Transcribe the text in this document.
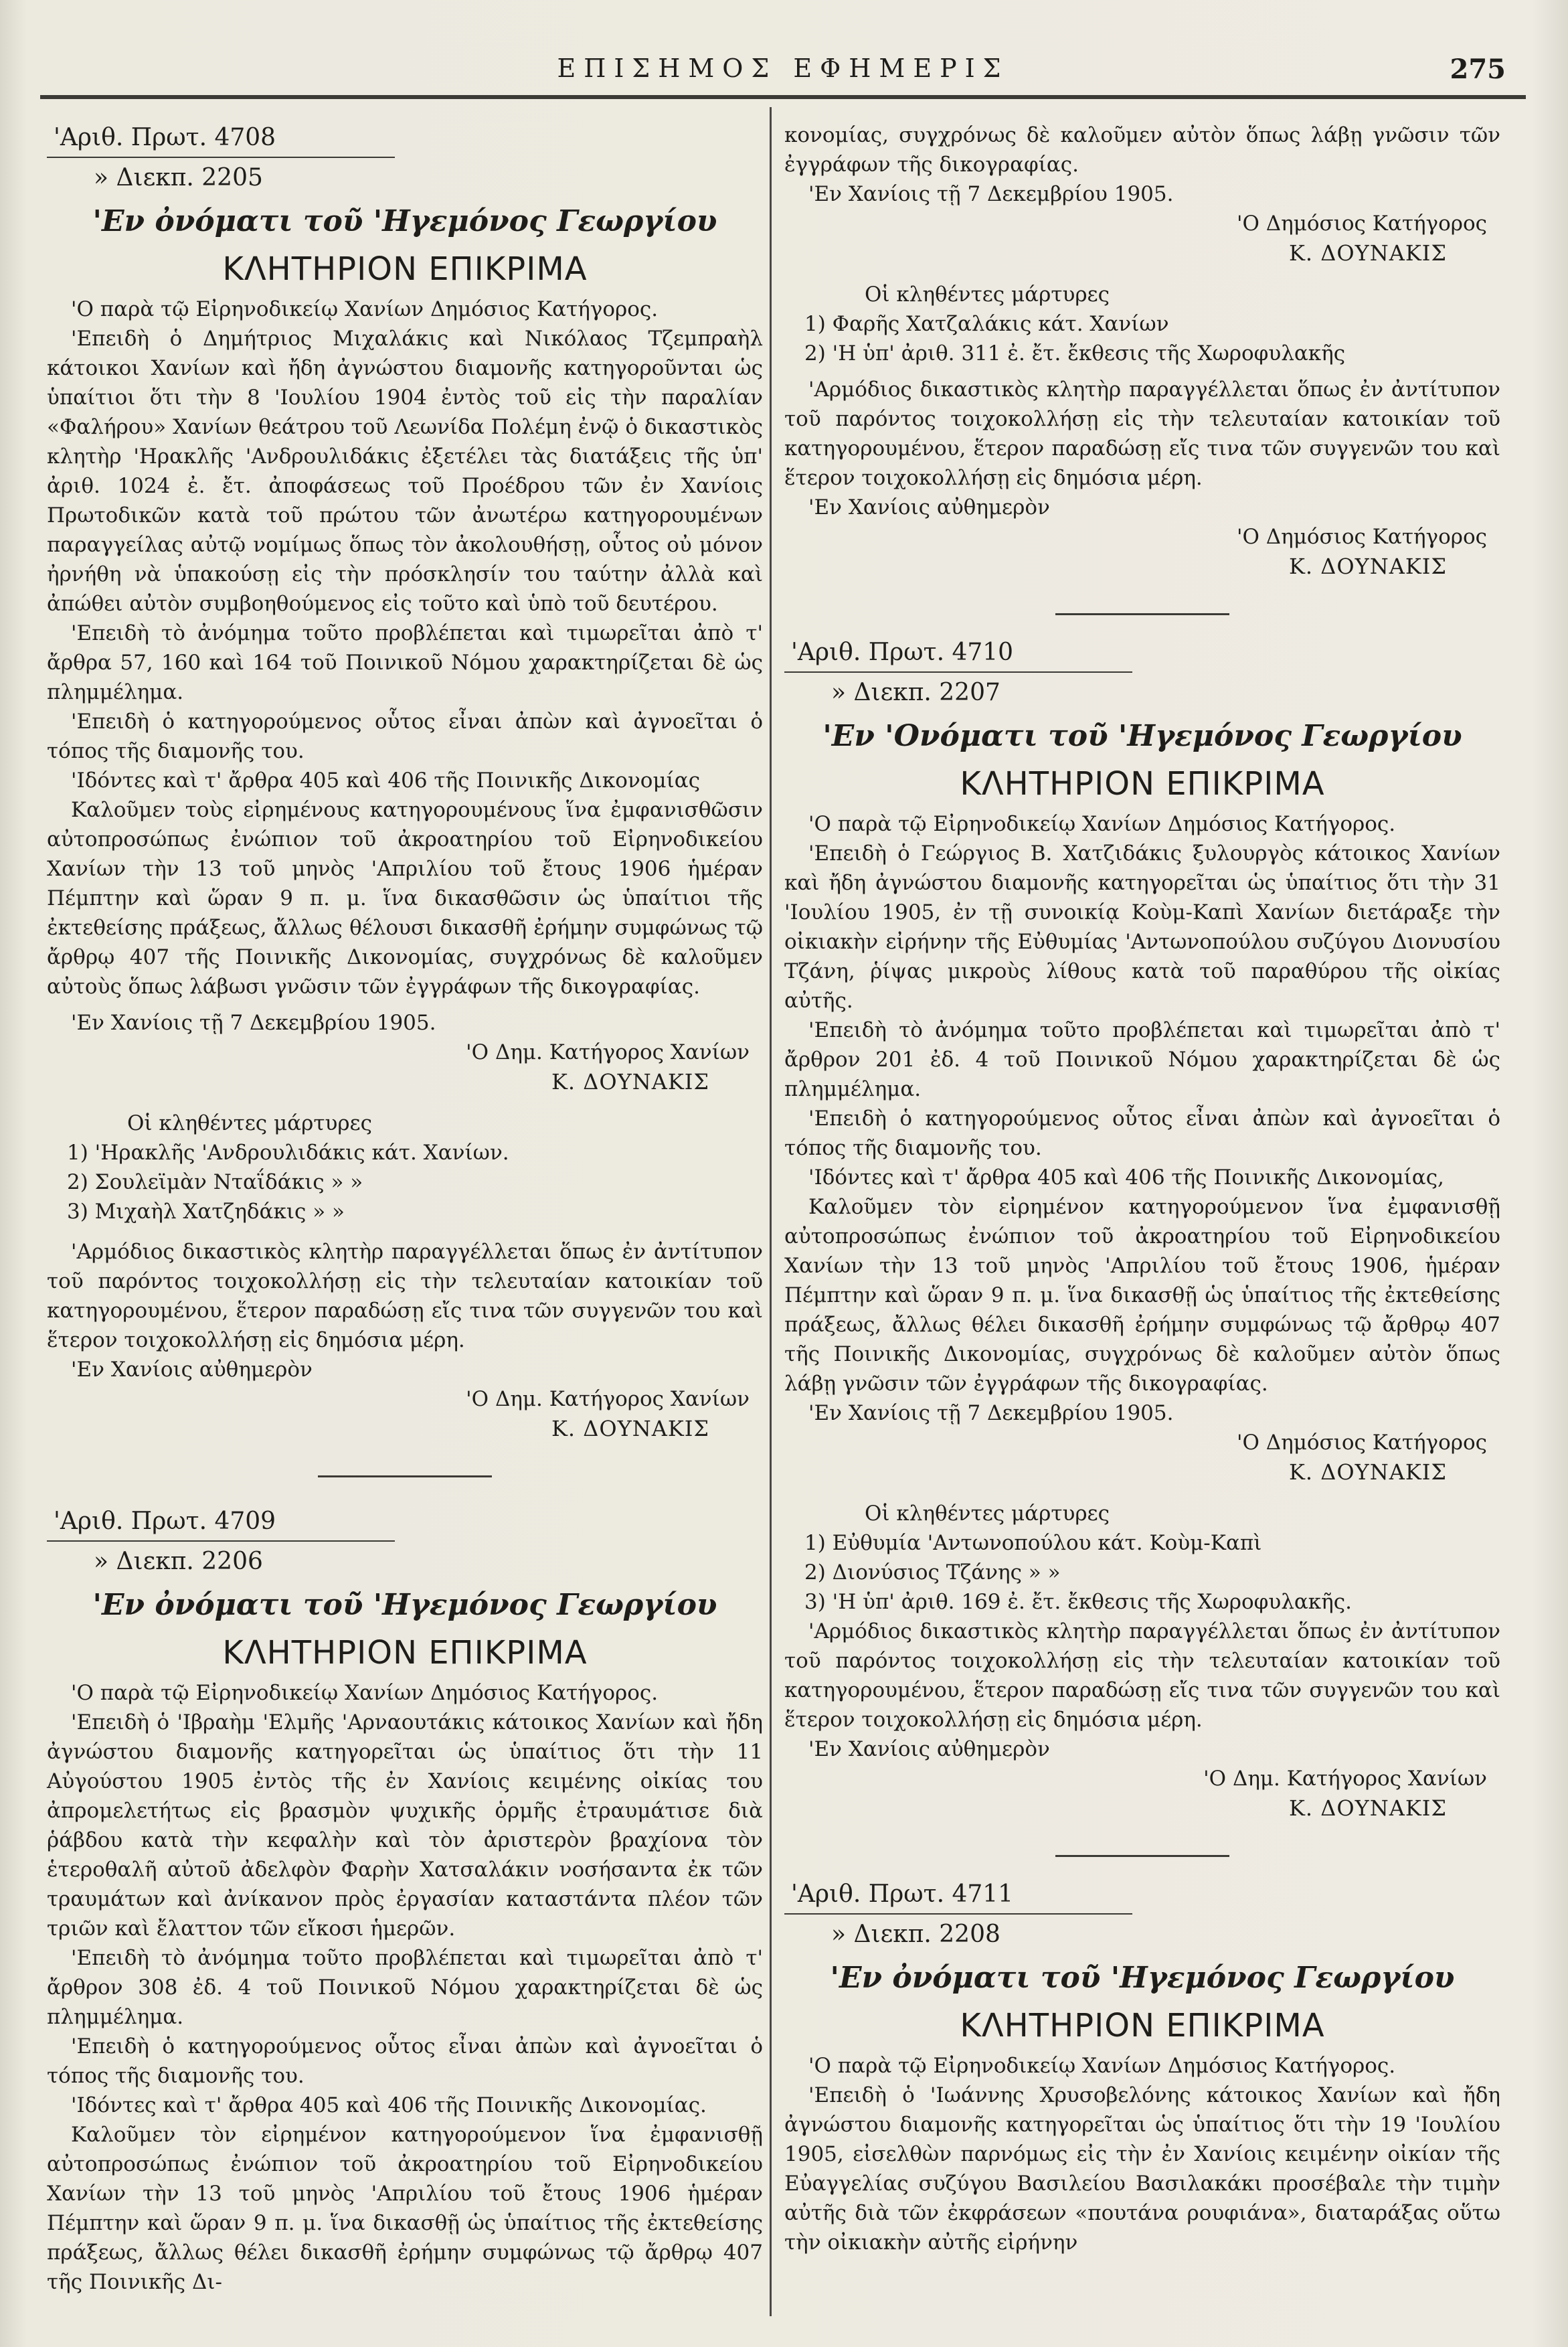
ΕΠΙΣΗΜΟΣ ΕΦΗΜΕΡΙΣ	275
'Αριθ. Πρωτ. 4708
» Διεκπ. 2205
'Εν ὀνόματι τοῦ 'Ηγεμόνος Γεωργίου
ΚΛΗΤΗΡΙΟΝ ΕΠΙΚΡΙΜΑ

'Ο παρὰ τῷ Εἰρηνοδικείῳ Χανίων Δημόσιος Κατήγορος.

'Επειδὴ ὁ Δημήτριος Μιχαλάκις καὶ Νικόλαος Τζεμπραὴλ κάτοικοι Χανίων καὶ ἤδη ἀγνώστου διαμονῆς κατηγοροῦνται ὡς ὑπαίτιοι ὅτι τὴν 8 'Ιουλίου 1904 ἐντὸς τοῦ εἰς τὴν παραλίαν «Φαλήρου» Χανίων θεάτρου τοῦ Λεωνίδα Πολέμη ἐνῷ ὁ δικαστικὸς κλητὴρ 'Ηρακλῆς 'Ανδρουλιδάκις ἐξετέλει τὰς διατάξεις τῆς ὑπ' ἀριθ. 1024 ἐ. ἔτ. ἀποφάσεως τοῦ Προέδρου τῶν ἐν Χανίοις Πρωτοδικῶν κατὰ τοῦ πρώτου τῶν ἀνωτέρω κατηγορουμένων παραγγείλας αὐτῷ νομίμως ὅπως τὸν ἀκολουθήσῃ, οὗτος οὐ μόνον ἠρνήθη νὰ ὑπακούσῃ εἰς τὴν πρόσκλησίν του ταύτην ἀλλὰ καὶ ἀπώθει αὐτὸν συμβοηθούμενος εἰς τοῦτο καὶ ὑπὸ τοῦ δευτέρου.

'Επειδὴ τὸ ἀνόμημα τοῦτο προβλέπεται καὶ τιμωρεῖται ἀπὸ τ' ἄρθρα 57, 160 καὶ 164 τοῦ Ποινικοῦ Νόμου χαρακτηρίζεται δὲ ὡς πλημμέλημα.

'Επειδὴ ὁ κατηγορούμενος οὗτος εἶναι ἀπὼν καὶ ἀγνοεῖται ὁ τόπος τῆς διαμονῆς του.

'Ιδόντες καὶ τ' ἄρθρα 405 καὶ 406 τῆς Ποινικῆς Δικονομίας

Καλοῦμεν τοὺς εἰρημένους κατηγορουμένους ἵνα ἐμφανισθῶσιν αὐτοπροσώπως ἐνώπιον τοῦ ἀκροατηρίου τοῦ Εἰρηνοδικείου Χανίων τὴν 13 τοῦ μηνὸς 'Απριλίου τοῦ ἔτους 1906 ἡμέραν Πέμπτην καὶ ὥραν 9 π. μ. ἵνα δικασθῶσιν ὡς ὑπαίτιοι τῆς ἐκτεθείσης πράξεως, ἄλλως θέλουσι δικασθῆ ἐρήμην συμφώνως τῷ ἄρθρῳ 407 τῆς Ποινικῆς Δικονομίας, συγχρόνως δὲ καλοῦμεν αὐτοὺς ὅπως λάβωσι γνῶσιν τῶν ἐγγράφων τῆς δικογραφίας.

'Εν Χανίοις τῇ 7 Δεκεμβρίου 1905.

'Ο Δημ. Κατήγορος Χανίων
Κ. ΔΟΥΝΑΚΙΣ
Οἱ κληθέντες μάρτυρες
1) 'Ηρακλῆς 'Ανδρουλιδάκις κάτ. Χανίων.
2) Σουλεϊμὰν Νταΐδάκις » »
3) Μιχαὴλ Χατζηδάκις » »

'Αρμόδιος δικαστικὸς κλητὴρ παραγγέλλεται ὅπως ἐν ἀντίτυπον τοῦ παρόντος τοιχοκολλήσῃ εἰς τὴν τελευταίαν κατοικίαν τοῦ κατηγορουμένου, ἕτερον παραδώσῃ εἴς τινα τῶν συγγενῶν του καὶ ἕτερον τοιχοκολλήσῃ εἰς δημόσια μέρη.

'Εν Χανίοις αὐθημερὸν

'Ο Δημ. Κατήγορος Χανίων
Κ. ΔΟΥΝΑΚΙΣ
'Αριθ. Πρωτ. 4709
» Διεκπ. 2206
'Εν ὀνόματι τοῦ 'Ηγεμόνος Γεωργίου
ΚΛΗΤΗΡΙΟΝ ΕΠΙΚΡΙΜΑ

'Ο παρὰ τῷ Εἰρηνοδικείῳ Χανίων Δημόσιος Κατήγορος.

'Επειδὴ ὁ 'Ιβραὴμ 'Ελμῆς 'Αρναουτάκις κάτοικος Χανίων καὶ ἤδη ἀγνώστου διαμονῆς κατηγορεῖται ὡς ὑπαίτιος ὅτι τὴν 11 Αὐγούστου 1905 ἐντὸς τῆς ἐν Χανίοις κειμένης οἰκίας του ἀπρομελετήτως εἰς βρασμὸν ψυχικῆς ὁρμῆς ἐτραυμάτισε διὰ ῥάβδου κατὰ τὴν κεφαλὴν καὶ τὸν ἀριστερὸν βραχίονα τὸν ἑτεροθαλῆ αὐτοῦ ἀδελφὸν Φαρὴν Χατσαλάκιν νοσήσαντα ἐκ τῶν τραυμάτων καὶ ἀνίκανον πρὸς ἐργασίαν καταστάντα πλέον τῶν τριῶν καὶ ἔλαττον τῶν εἴκοσι ἡμερῶν.

'Επειδὴ τὸ ἀνόμημα τοῦτο προβλέπεται καὶ τιμωρεῖται ἀπὸ τ' ἄρθρον 308 ἐδ. 4 τοῦ Ποινικοῦ Νόμου χαρακτηρίζεται δὲ ὡς πλημμέλημα.

'Επειδὴ ὁ κατηγορούμενος οὗτος εἶναι ἀπὼν καὶ ἀγνοεῖται ὁ τόπος τῆς διαμονῆς του.

'Ιδόντες καὶ τ' ἄρθρα 405 καὶ 406 τῆς Ποινικῆς Δικονομίας.

Καλοῦμεν τὸν εἰρημένον κατηγορούμενον ἵνα ἐμφανισθῇ αὐτοπροσώπως ἐνώπιον τοῦ ἀκροατηρίου τοῦ Εἰρηνοδικείου Χανίων τὴν 13 τοῦ μηνὸς 'Απριλίου τοῦ ἔτους 1906 ἡμέραν Πέμπτην καὶ ὥραν 9 π. μ. ἵνα δικασθῇ ὡς ὑπαίτιος τῆς ἐκτεθείσης πράξεως, ἄλλως θέλει δικασθῆ ἐρήμην συμφώνως τῷ ἄρθρῳ 407 τῆς Ποινικῆς Δι-

κονομίας, συγχρόνως δὲ καλοῦμεν αὐτὸν ὅπως λάβῃ γνῶσιν τῶν ἐγγράφων τῆς δικογραφίας.

'Εν Χανίοις τῇ 7 Δεκεμβρίου 1905.

'Ο Δημόσιος Κατήγορος
Κ. ΔΟΥΝΑΚΙΣ
Οἱ κληθέντες μάρτυρες
1) Φαρῆς Χατζαλάκις κάτ. Χανίων
2) 'Η ὑπ' ἀριθ. 311 ἐ. ἔτ. ἔκθεσις τῆς Χωροφυλακῆς

'Αρμόδιος δικαστικὸς κλητὴρ παραγγέλλεται ὅπως ἐν ἀντίτυπον τοῦ παρόντος τοιχοκολλήσῃ εἰς τὴν τελευταίαν κατοικίαν τοῦ κατηγορουμένου, ἕτερον παραδώσῃ εἴς τινα τῶν συγγενῶν του καὶ ἕτερον τοιχοκολλήσῃ εἰς δημόσια μέρη.

'Εν Χανίοις αὐθημερὸν

'Ο Δημόσιος Κατήγορος
Κ. ΔΟΥΝΑΚΙΣ
'Αριθ. Πρωτ. 4710
» Διεκπ. 2207
'Εν 'Ονόματι τοῦ 'Ηγεμόνος Γεωργίου
ΚΛΗΤΗΡΙΟΝ ΕΠΙΚΡΙΜΑ

'Ο παρὰ τῷ Εἰρηνοδικείῳ Χανίων Δημόσιος Κατήγορος.

'Επειδὴ ὁ Γεώργιος Β. Χατζιδάκις ξυλουργὸς κάτοικος Χανίων καὶ ἤδη ἀγνώστου διαμονῆς κατηγορεῖται ὡς ὑπαίτιος ὅτι τὴν 31 'Ιουλίου 1905, ἐν τῇ συνοικίᾳ Κοὺμ-Καπὶ Χανίων διετάραξε τὴν οἰκιακὴν εἰρήνην τῆς Εὐθυμίας 'Αντωνοπούλου συζύγου Διονυσίου Τζάνη, ῥίψας μικροὺς λίθους κατὰ τοῦ παραθύρου τῆς οἰκίας αὐτῆς.

'Επειδὴ τὸ ἀνόμημα τοῦτο προβλέπεται καὶ τιμωρεῖται ἀπὸ τ' ἄρθρον 201 ἐδ. 4 τοῦ Ποινικοῦ Νόμου χαρακτηρίζεται δὲ ὡς πλημμέλημα.

'Επειδὴ ὁ κατηγορούμενος οὗτος εἶναι ἀπὼν καὶ ἀγνοεῖται ὁ τόπος τῆς διαμονῆς του.

'Ιδόντες καὶ τ' ἄρθρα 405 καὶ 406 τῆς Ποινικῆς Δικονομίας,

Καλοῦμεν τὸν εἰρημένον κατηγορούμενον ἵνα ἐμφανισθῇ αὐτοπροσώπως ἐνώπιον τοῦ ἀκροατηρίου τοῦ Εἰρηνοδικείου Χανίων τὴν 13 τοῦ μηνὸς 'Απριλίου τοῦ ἔτους 1906, ἡμέραν Πέμπτην καὶ ὥραν 9 π. μ. ἵνα δικασθῇ ὡς ὑπαίτιος τῆς ἐκτεθείσης πράξεως, ἄλλως θέλει δικασθῆ ἐρήμην συμφώνως τῷ ἄρθρῳ 407 τῆς Ποινικῆς Δικονομίας, συγχρόνως δὲ καλοῦμεν αὐτὸν ὅπως λάβῃ γνῶσιν τῶν ἐγγράφων τῆς δικογραφίας.

'Εν Χανίοις τῇ 7 Δεκεμβρίου 1905.

'Ο Δημόσιος Κατήγορος
Κ. ΔΟΥΝΑΚΙΣ
Οἱ κληθέντες μάρτυρες
1) Εὐθυμία 'Αντωνοπούλου κάτ. Κοὺμ-Καπὶ
2) Διονύσιος Τζάνης » »
3) 'Η ὑπ' ἀριθ. 169 ἐ. ἔτ. ἔκθεσις τῆς Χωροφυλακῆς.

'Αρμόδιος δικαστικὸς κλητὴρ παραγγέλλεται ὅπως ἐν ἀντίτυπον τοῦ παρόντος τοιχοκολλήσῃ εἰς τὴν τελευταίαν κατοικίαν τοῦ κατηγορουμένου, ἕτερον παραδώσῃ εἴς τινα τῶν συγγενῶν του καὶ ἕτερον τοιχοκολλήσῃ εἰς δημόσια μέρη.

'Εν Χανίοις αὐθημερὸν

'Ο Δημ. Κατήγορος Χανίων
Κ. ΔΟΥΝΑΚΙΣ
'Αριθ. Πρωτ. 4711
» Διεκπ. 2208
'Εν ὀνόματι τοῦ 'Ηγεμόνος Γεωργίου
ΚΛΗΤΗΡΙΟΝ ΕΠΙΚΡΙΜΑ

'Ο παρὰ τῷ Εἰρηνοδικείῳ Χανίων Δημόσιος Κατήγορος.

'Επειδὴ ὁ 'Ιωάννης Χρυσοβελόνης κάτοικος Χανίων καὶ ἤδη ἀγνώστου διαμονῆς κατηγορεῖται ὡς ὑπαίτιος ὅτι τὴν 19 'Ιουλίου 1905, εἰσελθὼν παρνόμως εἰς τὴν ἐν Χανίοις κειμένην οἰκίαν τῆς Εὐαγγελίας συζύγου Βασιλείου Βασιλακάκι προσέβαλε τὴν τιμὴν αὐτῆς διὰ τῶν ἐκφράσεων «πουτάνα ρουφιάνα», διαταράξας οὕτω τὴν οἰκιακὴν αὐτῆς εἰρήνην
